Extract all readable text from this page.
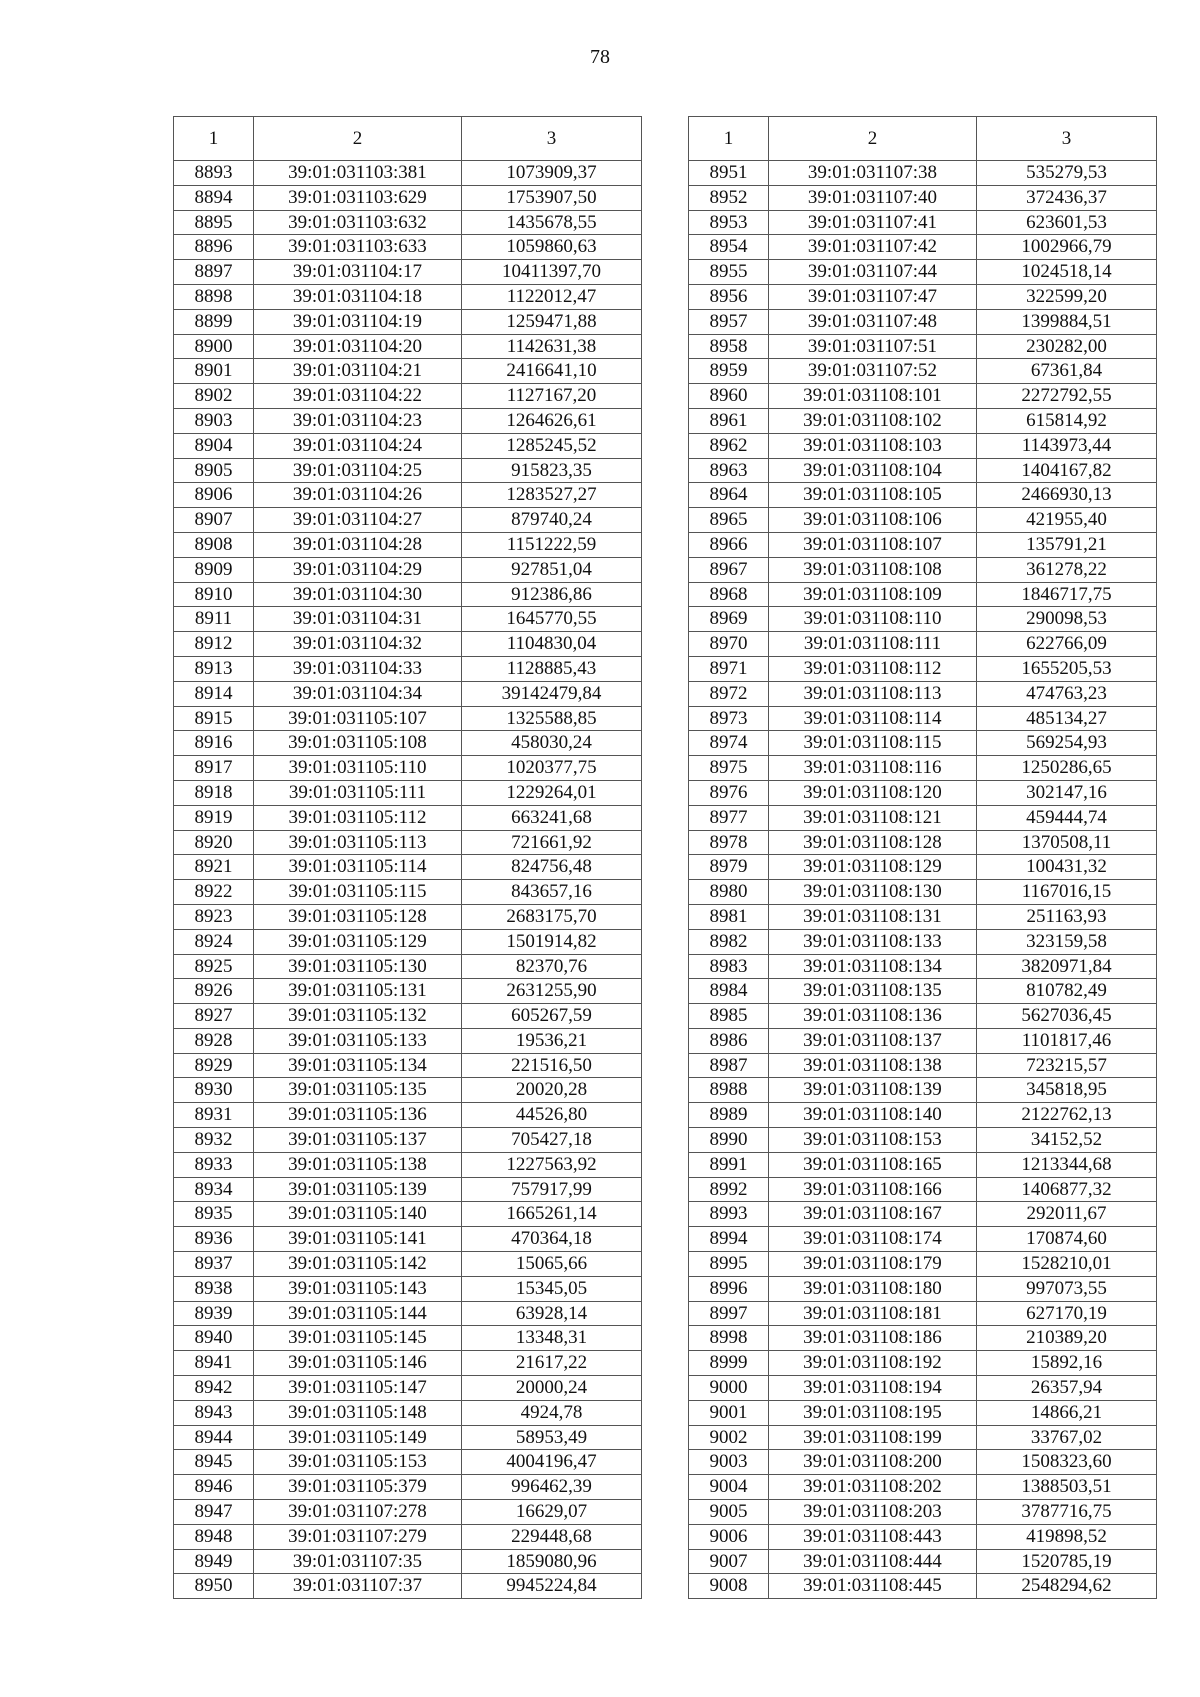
78
1	2	3
8893	39:01:031103:381	1073909,37
8894	39:01:031103:629	1753907,50
8895	39:01:031103:632	1435678,55
8896	39:01:031103:633	1059860,63
8897	39:01:031104:17	10411397,70
8898	39:01:031104:18	1122012,47
8899	39:01:031104:19	1259471,88
8900	39:01:031104:20	1142631,38
8901	39:01:031104:21	2416641,10
8902	39:01:031104:22	1127167,20
8903	39:01:031104:23	1264626,61
8904	39:01:031104:24	1285245,52
8905	39:01:031104:25	915823,35
8906	39:01:031104:26	1283527,27
8907	39:01:031104:27	879740,24
8908	39:01:031104:28	1151222,59
8909	39:01:031104:29	927851,04
8910	39:01:031104:30	912386,86
8911	39:01:031104:31	1645770,55
8912	39:01:031104:32	1104830,04
8913	39:01:031104:33	1128885,43
8914	39:01:031104:34	39142479,84
8915	39:01:031105:107	1325588,85
8916	39:01:031105:108	458030,24
8917	39:01:031105:110	1020377,75
8918	39:01:031105:111	1229264,01
8919	39:01:031105:112	663241,68
8920	39:01:031105:113	721661,92
8921	39:01:031105:114	824756,48
8922	39:01:031105:115	843657,16
8923	39:01:031105:128	2683175,70
8924	39:01:031105:129	1501914,82
8925	39:01:031105:130	82370,76
8926	39:01:031105:131	2631255,90
8927	39:01:031105:132	605267,59
8928	39:01:031105:133	19536,21
8929	39:01:031105:134	221516,50
8930	39:01:031105:135	20020,28
8931	39:01:031105:136	44526,80
8932	39:01:031105:137	705427,18
8933	39:01:031105:138	1227563,92
8934	39:01:031105:139	757917,99
8935	39:01:031105:140	1665261,14
8936	39:01:031105:141	470364,18
8937	39:01:031105:142	15065,66
8938	39:01:031105:143	15345,05
8939	39:01:031105:144	63928,14
8940	39:01:031105:145	13348,31
8941	39:01:031105:146	21617,22
8942	39:01:031105:147	20000,24
8943	39:01:031105:148	4924,78
8944	39:01:031105:149	58953,49
8945	39:01:031105:153	4004196,47
8946	39:01:031105:379	996462,39
8947	39:01:031107:278	16629,07
8948	39:01:031107:279	229448,68
8949	39:01:031107:35	1859080,96
8950	39:01:031107:37	9945224,84
1	2	3
8951	39:01:031107:38	535279,53
8952	39:01:031107:40	372436,37
8953	39:01:031107:41	623601,53
8954	39:01:031107:42	1002966,79
8955	39:01:031107:44	1024518,14
8956	39:01:031107:47	322599,20
8957	39:01:031107:48	1399884,51
8958	39:01:031107:51	230282,00
8959	39:01:031107:52	67361,84
8960	39:01:031108:101	2272792,55
8961	39:01:031108:102	615814,92
8962	39:01:031108:103	1143973,44
8963	39:01:031108:104	1404167,82
8964	39:01:031108:105	2466930,13
8965	39:01:031108:106	421955,40
8966	39:01:031108:107	135791,21
8967	39:01:031108:108	361278,22
8968	39:01:031108:109	1846717,75
8969	39:01:031108:110	290098,53
8970	39:01:031108:111	622766,09
8971	39:01:031108:112	1655205,53
8972	39:01:031108:113	474763,23
8973	39:01:031108:114	485134,27
8974	39:01:031108:115	569254,93
8975	39:01:031108:116	1250286,65
8976	39:01:031108:120	302147,16
8977	39:01:031108:121	459444,74
8978	39:01:031108:128	1370508,11
8979	39:01:031108:129	100431,32
8980	39:01:031108:130	1167016,15
8981	39:01:031108:131	251163,93
8982	39:01:031108:133	323159,58
8983	39:01:031108:134	3820971,84
8984	39:01:031108:135	810782,49
8985	39:01:031108:136	5627036,45
8986	39:01:031108:137	1101817,46
8987	39:01:031108:138	723215,57
8988	39:01:031108:139	345818,95
8989	39:01:031108:140	2122762,13
8990	39:01:031108:153	34152,52
8991	39:01:031108:165	1213344,68
8992	39:01:031108:166	1406877,32
8993	39:01:031108:167	292011,67
8994	39:01:031108:174	170874,60
8995	39:01:031108:179	1528210,01
8996	39:01:031108:180	997073,55
8997	39:01:031108:181	627170,19
8998	39:01:031108:186	210389,20
8999	39:01:031108:192	15892,16
9000	39:01:031108:194	26357,94
9001	39:01:031108:195	14866,21
9002	39:01:031108:199	33767,02
9003	39:01:031108:200	1508323,60
9004	39:01:031108:202	1388503,51
9005	39:01:031108:203	3787716,75
9006	39:01:031108:443	419898,52
9007	39:01:031108:444	1520785,19
9008	39:01:031108:445	2548294,62
